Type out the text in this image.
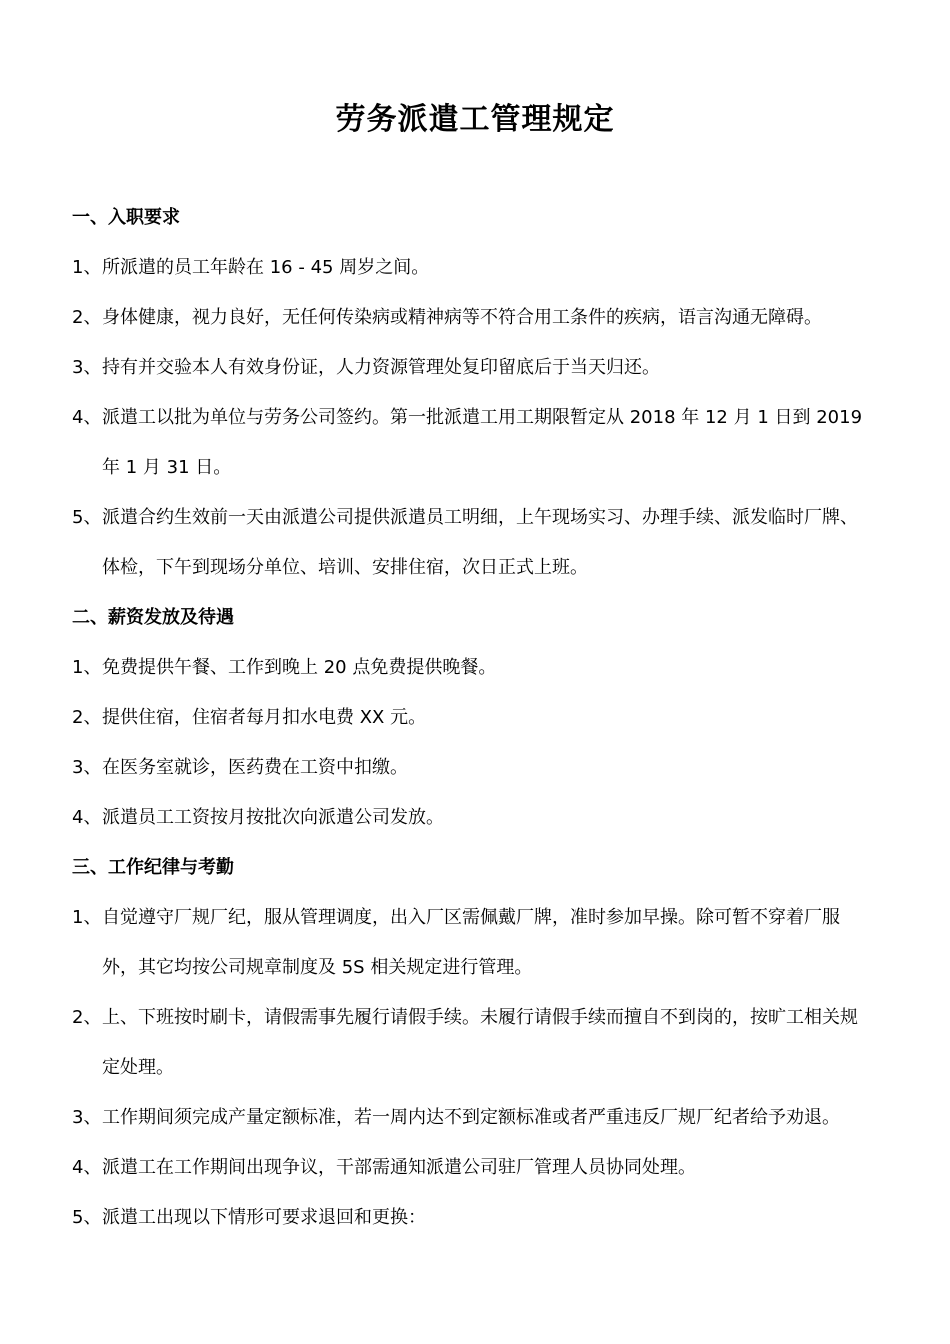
劳务派遣工管理规定
一、入职要求
1、所派遣的员工年龄在 16 - 45 周岁之间。
2、身体健康，视力良好，无任何传染病或精神病等不符合用工条件的疾病，语言沟通无障碍。
3、持有并交验本人有效身份证，人力资源管理处复印留底后于当天归还。
4、派遣工以批为单位与劳务公司签约。第一批派遣工用工期限暂定从 2018 年 12 月 1 日到 2019 年 1 月 31 日。
5、派遣合约生效前一天由派遣公司提供派遣员工明细，上午现场实习、办理手续、派发临时厂牌、体检，下午到现场分单位、培训、安排住宿，次日正式上班。
二、薪资发放及待遇
1、免费提供午餐、工作到晚上 20 点免费提供晚餐。
2、提供住宿，住宿者每月扣水电费 XX 元。
3、在医务室就诊，医药费在工资中扣缴。
4、派遣员工工资按月按批次向派遣公司发放。
三、工作纪律与考勤
1、自觉遵守厂规厂纪，服从管理调度，出入厂区需佩戴厂牌，准时参加早操。除可暂不穿着厂服外，其它均按公司规章制度及 5S 相关规定进行管理。
2、上、下班按时刷卡，请假需事先履行请假手续。未履行请假手续而擅自不到岗的，按旷工相关规定处理。
3、工作期间须完成产量定额标准，若一周内达不到定额标准或者严重违反厂规厂纪者给予劝退。
4、派遣工在工作期间出现争议，干部需通知派遣公司驻厂管理人员协同处理。
5、派遣工出现以下情形可要求退回和更换：
